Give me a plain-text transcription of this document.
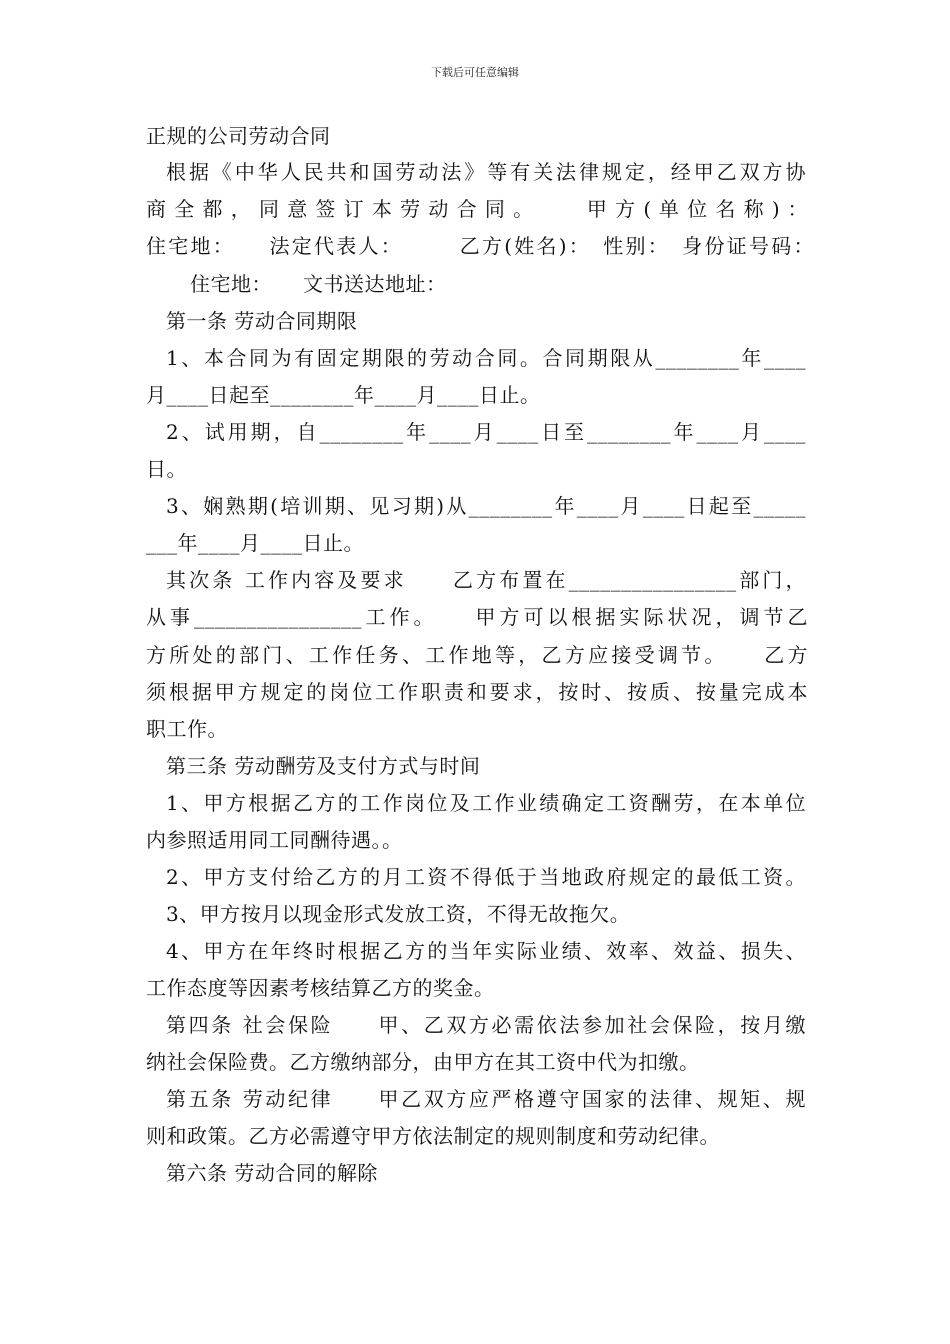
下载后可任意编辑
正规的公司劳动合同
根据《中华人民共和国劳动法》等有关法律规定，经甲乙双方协
商 全 都 ， 同 意 签 订 本 劳 动 合 同 。　　　甲 方 ( 单 位 名 称 ) ：
住宅地：　　法定代表人：　　　乙方(姓名)：　性别：　身份证号码：
住宅地：　　文书送达地址：
第一条 劳动合同期限
1、本合同为有固定期限的劳动合同。合同期限从________年____
月____日起至________年____月____日止。
2、试用期，自________年____月____日至________年____月____
日。
3、娴熟期(培训期、见习期)从________年____月____日起至_____
___年____月____日止。
其次条 工作内容及要求　　乙方布置在________________部门，
从事________________工作。　　甲方可以根据实际状况，调节乙
方所处的部门、工作任务、工作地等，乙方应接受调节。　　乙方
须根据甲方规定的岗位工作职责和要求，按时、按质、按量完成本
职工作。
第三条 劳动酬劳及支付方式与时间
1、甲方根据乙方的工作岗位及工作业绩确定工资酬劳，在本单位
内参照适用同工同酬待遇。。
2、甲方支付给乙方的月工资不得低于当地政府规定的最低工资。
3、甲方按月以现金形式发放工资，不得无故拖欠。
4、甲方在年终时根据乙方的当年实际业绩、效率、效益、损失、
工作态度等因素考核结算乙方的奖金。
第四条 社会保险　　甲、乙双方必需依法参加社会保险，按月缴
纳社会保险费。乙方缴纳部分，由甲方在其工资中代为扣缴。
第五条 劳动纪律　　甲乙双方应严格遵守国家的法律、规矩、规
则和政策。乙方必需遵守甲方依法制定的规则制度和劳动纪律。
第六条 劳动合同的解除
